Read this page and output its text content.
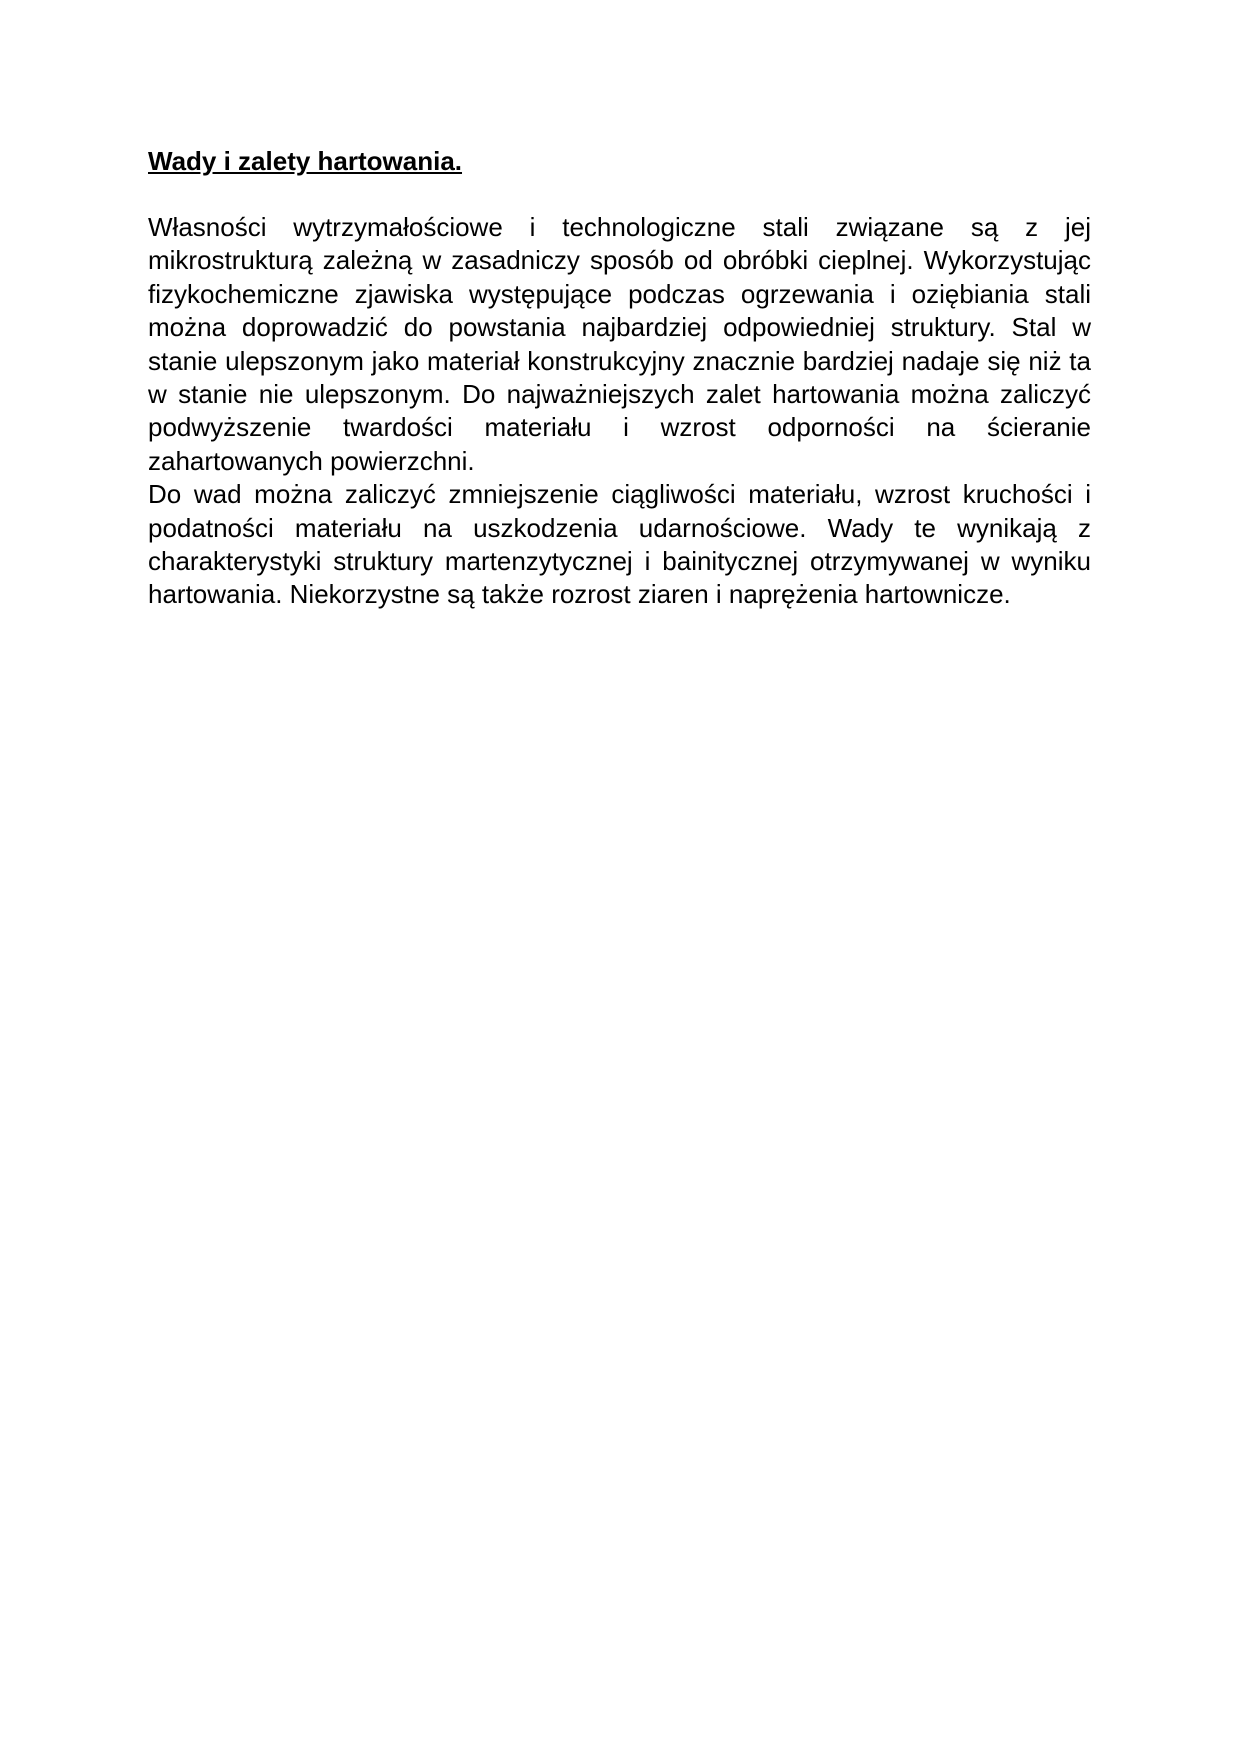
Wady i zalety hartowania.

Własności wytrzymałościowe i technologiczne stali związane są z jej mikrostrukturą zależną w zasadniczy sposób od obróbki cieplnej. Wykorzystując fizykochemiczne zjawiska występujące podczas ogrzewania i oziębiania stali można doprowadzić do powstania najbardziej odpowiedniej struktury. Stal w stanie ulepszonym jako materiał konstrukcyjny znacznie bardziej nadaje się niż ta w stanie nie ulepszonym. Do najważniejszych zalet hartowania można zaliczyć podwyższenie twardości materiału i wzrost odporności na ścieranie zahartowanych powierzchni.

Do wad można zaliczyć zmniejszenie ciągliwości materiału, wzrost kruchości i podatności materiału na uszkodzenia udarnościowe. Wady te wynikają z charakterystyki struktury martenzytycznej i bainitycznej otrzymywanej w wyniku hartowania. Niekorzystne są także rozrost ziaren i naprężenia hartownicze.
